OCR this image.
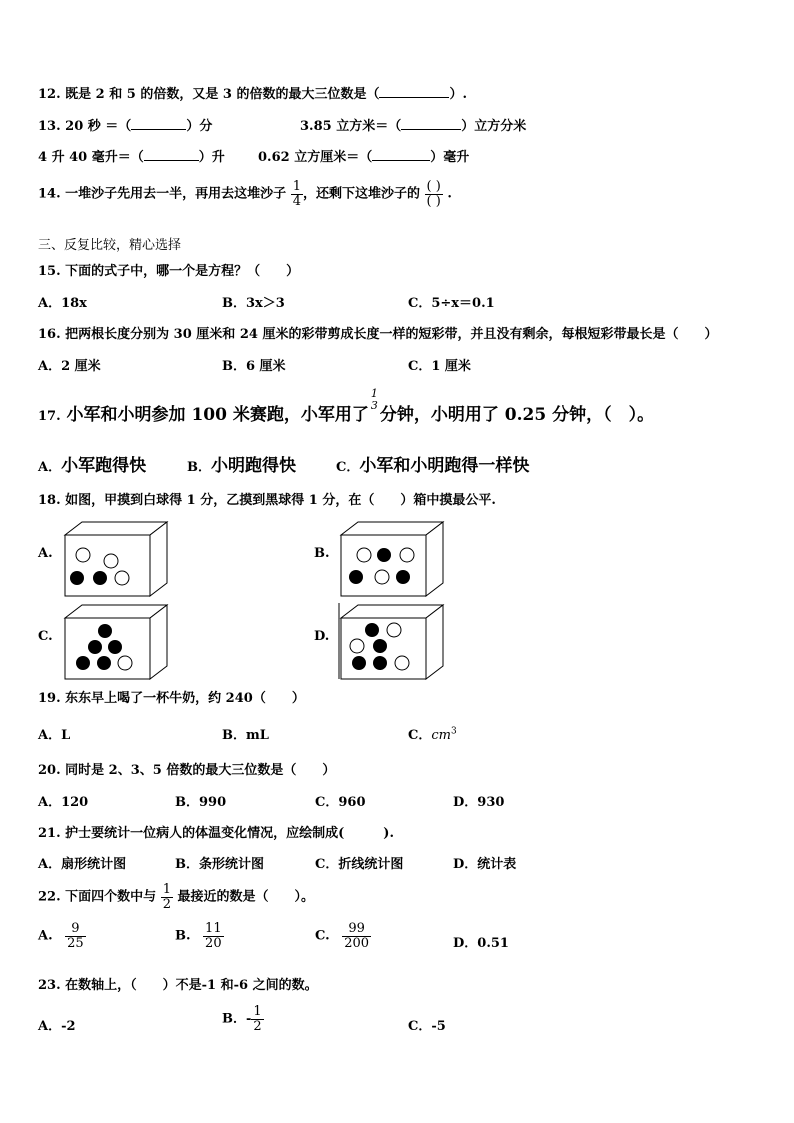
12. 既是 2 和 5 的倍数，又是 3 的倍数的最大三位数是（	）.
13. 20 秒 ＝（	）分	3.85 立方米＝（	）立方分米
4 升 40 毫升＝（	）升	0.62 立方厘米＝（	）毫升
14. 一堆沙子先用去一半，再用去这堆沙子 $\frac{1}{4}$ ，还剩下这堆沙子的 $\frac{( )}{( )}$ .
三、反复比较，精心选择
15. 下面的式子中，哪一个是方程？（　　）
A．18x	B．3x＞3	C．5÷x＝0.1
16. 把两根长度分别为 30 厘米和 24 厘米的彩带剪成长度一样的短彩带，并且没有剩余，每根短彩带最长是（　　）
A．2 厘米	B．6 厘米	C．1 厘米
17. 小军和小明参加 100 米赛跑，小军用了
1
3 分钟，小明用了 0.25 分钟，（　）。
A．小军跑得快	B．小明跑得快	C．小军和小明跑得一样快
18. 如图，甲摸到白球得 1 分，乙摸到黑球得 1 分，在（　　）箱中摸最公平.
A.	B.
C.	D.
19. 东东早上喝了一杯牛奶，约 240（　　）
A．L	B．mL	C．$cm^3$
20. 同时是 2、3、5 倍数的最大三位数是（　　）
A．120	B．990	C．960	D．930
21. 护士要统计一位病人的体温变化情况，应绘制成(　　　).
A．扇形统计图	B．条形统计图	C．折线统计图	D．统计表
22. 下面四个数中与 $\frac{1}{2}$ 最接近的数是（　　）。
A. $\frac{9}{25}$	B. $\frac{11}{20}$	C. $\frac{99}{200}$	D．0.51
23. 在数轴上，（　　）不是-1 和-6 之间的数。
A．-2	B．- $\frac{1}{2}$	C．-5
